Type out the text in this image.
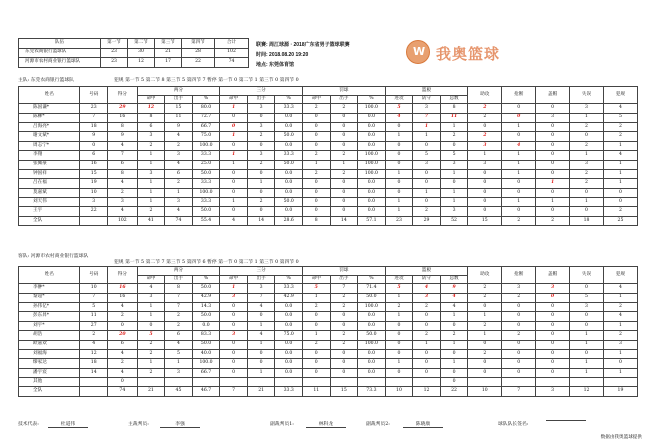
队伍	第一节	第二节	第三节	第四节	合计
东莞农商银行篮球队	23	30	21	28	102
河源市农村商业银行篮球队	23	12	17	22	74
联赛: 周江球源 · 2018广东省男子篮球联赛
时间: 2018.08.20 19:20
地点: 东莞体育馆
W 我奥篮球
主队: 东莞农商银行篮球队	犯规 第一节 5 第二节 8 第三节 5 第四节 7 暂停 第一节 0 第二节 1 第三节 0 第四节 0
姓名	号码	得分	两分			三分			罚球			篮板			助攻	抢断	盖帽	失误	犯规
			命中	出手	%	命中	出手	%	命中	出手	%	进攻	防守	总数					
陈国谦*	23	29	12	15	80.0	1	3	33.3	2	2	100.0	5	3	8	2	0	0	3	4
陈柳*	7	16	8	11	72.7	0	0	0.0	0	0	0.0	4	7	11	2	0	3	1	5
吕海亮*	18	8	6	9	66.7	0	3	0.0	0	0	0.0	0	1	1	0	1	0	2	2
谢文斌*	9	9	3	4	75.0	1	2	50.0	0	0	0.0	1	1	2	2	0	0	0	2
周志宁*	0	4	2	2	100.0	0	0	0.0	0	0	0.0	0	0	0	3	4	0	2	1
李翔	6	7	1	3	33.3	1	3	33.3	2	2	100.0	0	5	5	1	1	0	1	4
张佩豪	16	6	1	4	25.0	1	2	50.0	1	1	100.0	0	3	3	3	1	0	3	1
钟国祥	15	8	3	6	50.0	0	0	0.0	2	2	100.0	1	0	1	0	1	0	2	1
吕在福	19	4	1	2	33.3	0	1	0.0	0	0	0.0	0	0	0	0	0	1	2	1
莫嘉斌	10	2	1	1	100.0	0	0	0.0	0	0	0.0	0	1	1	0	0	0	0	0
刘天伟	3	3	1	3	33.3	1	2	50.0	0	0	0.0	1	0	1	0	1	1	1	0
王宇	22	4	2	4	50.0	0	0	0.0	0	0	0.0	1	2	3	0	0	0	0	2
全队		102	41	74	55.4	4	14	28.6	8	14	57.1	23	29	52	15	2	2	18	25
客队: 河源市农村商业银行篮球队
犯规 第一节 5 第二节 7 第三节 5 第四节 6 暂停 第一节 0 第二节 1 第三节 0 第四节 0
姓名	号码	得分	两分			三分			罚球			篮板			助攻	抢断	盖帽	失误	犯规
			命中	出手	%	命中	出手	%	命中	出手	%	进攻	防守	总数					
李翀*	10	16	4	8	50.0	1	3	33.3	5	7	71.4	5	4	9	2	3	3	0	4
黎超*	7	16	3	7	42.9	3	7	42.9	1	2	50.0	1	3	4	2	2	0	5	1
孙伟亿*	5	4	1	7	14.3	0	4	0.0	2	2	100.0	2	2	4	0	0	0	3	2
彭东昇*	11	2	1	2	50.0	0	0	0.0	0	0	0.0	1	0	1	1	0	0	0	4
刘宇*	27	0	0	2	0.0	0	1	0.0	0	0	0.0	0	0	0	2	0	0	0	1
胡浩	2	20	5	6	83.3	3	4	75.0	1	2	50.0	0	2	2	1	2	0	1	2
欧嘉欢	4	6	2	4	50.0	0	1	0.0	2	2	100.0	0	1	1	0	0	0	1	3
刘福海	12	4	2	5	40.0	0	0	0.0	0	0	0.0	0	0	0	2	0	0	0	1
缪家达	18	2	1	1	100.0	0	0	0.0	0	0	0.0	1	0	1	0	0	0	1	0
潘宇宸	14	4	2	3	66.7	0	1	0.0	0	0	0.0	0	0	0	0	0	0	1	1
其他		0												0					
全队		74	21	45	46.7	7	21	33.3	11	15	73.3	10	12	22	10	7	3	12	19
技术代表:	杜道伟	主裁判员:	李强	副裁判员1:	林科龙	副裁判员2:	陈晓康	球队队长签名:
数据由我奥篮球提供
